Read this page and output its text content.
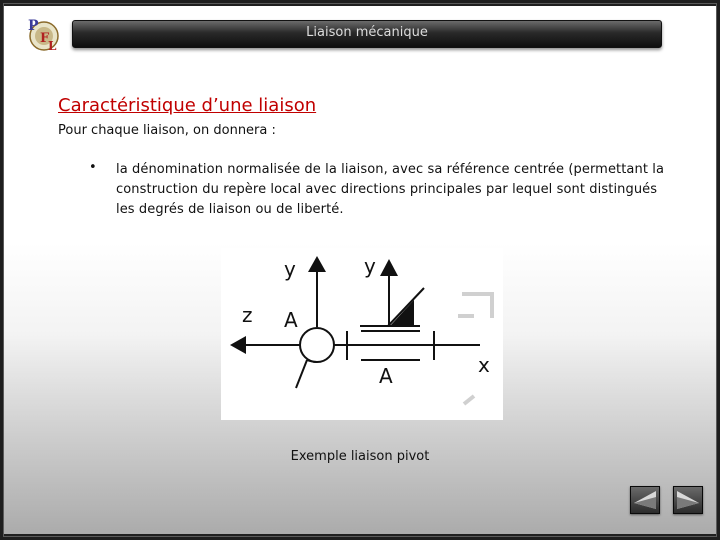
P
F
L
Liaison mécanique
Caractéristique d’une liaison
Pour chaque liaison, on donnera :
• la dénomination normalisée de la liaison, avec sa référence centrée (permettant la construction du repère local avec directions principales par lequel sont distingués les degrés de liaison ou de liberté.
y	y
z A
A	x
Exemple liaison pivot
